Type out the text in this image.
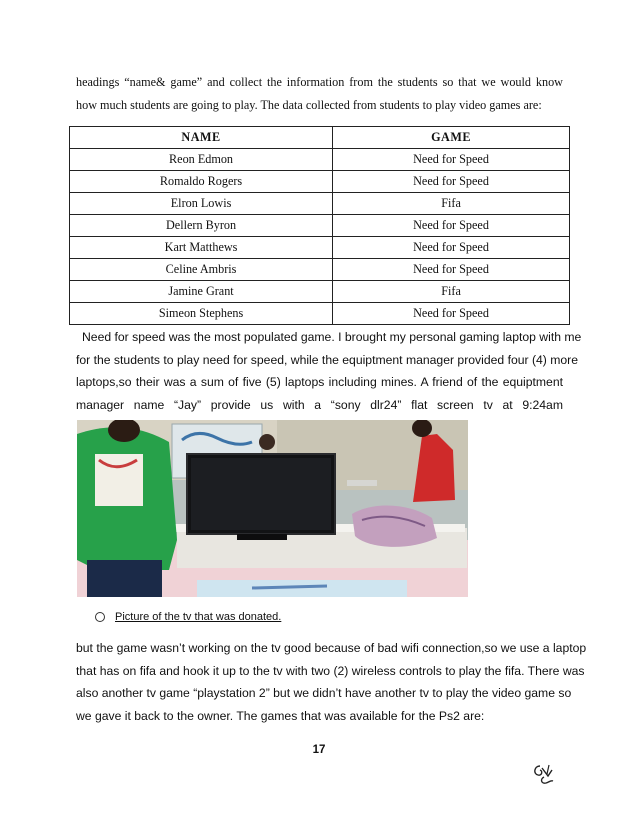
headings “name& game” and collect the information from the students so that we would know
how much students are going to play. The data collected from students to play video games are:
NAME	GAME
Reon Edmon	Need for Speed
Romaldo Rogers	Need for Speed
Elron Lowis	Fifa
Dellern Byron	Need for Speed
Kart Matthews	Need for Speed
Celine Ambris	Need for Speed
Jamine Grant	Fifa
Simeon Stephens	Need for Speed
Need for speed was the most populated game. I brought my personal gaming laptop with me
for the students to play need for speed, while the equiptment manager provided four (4) more
laptops,so their was a sum of five (5) laptops including mines. A friend of the equiptment
manager name “Jay” provide us with a “sony dlr24” flat screen tv at 9:24am
Picture of the tv that was donated.
but the game wasn’t working on the tv good because of bad wifi connection,so we use a laptop
that has on fifa and hook it up to the tv with two (2) wireless controls to play the fifa. There was
also another tv game “playstation 2” but we didn’t have another tv to play the video game so
we gave it back to the owner. The games that was available for the Ps2 are:
17
